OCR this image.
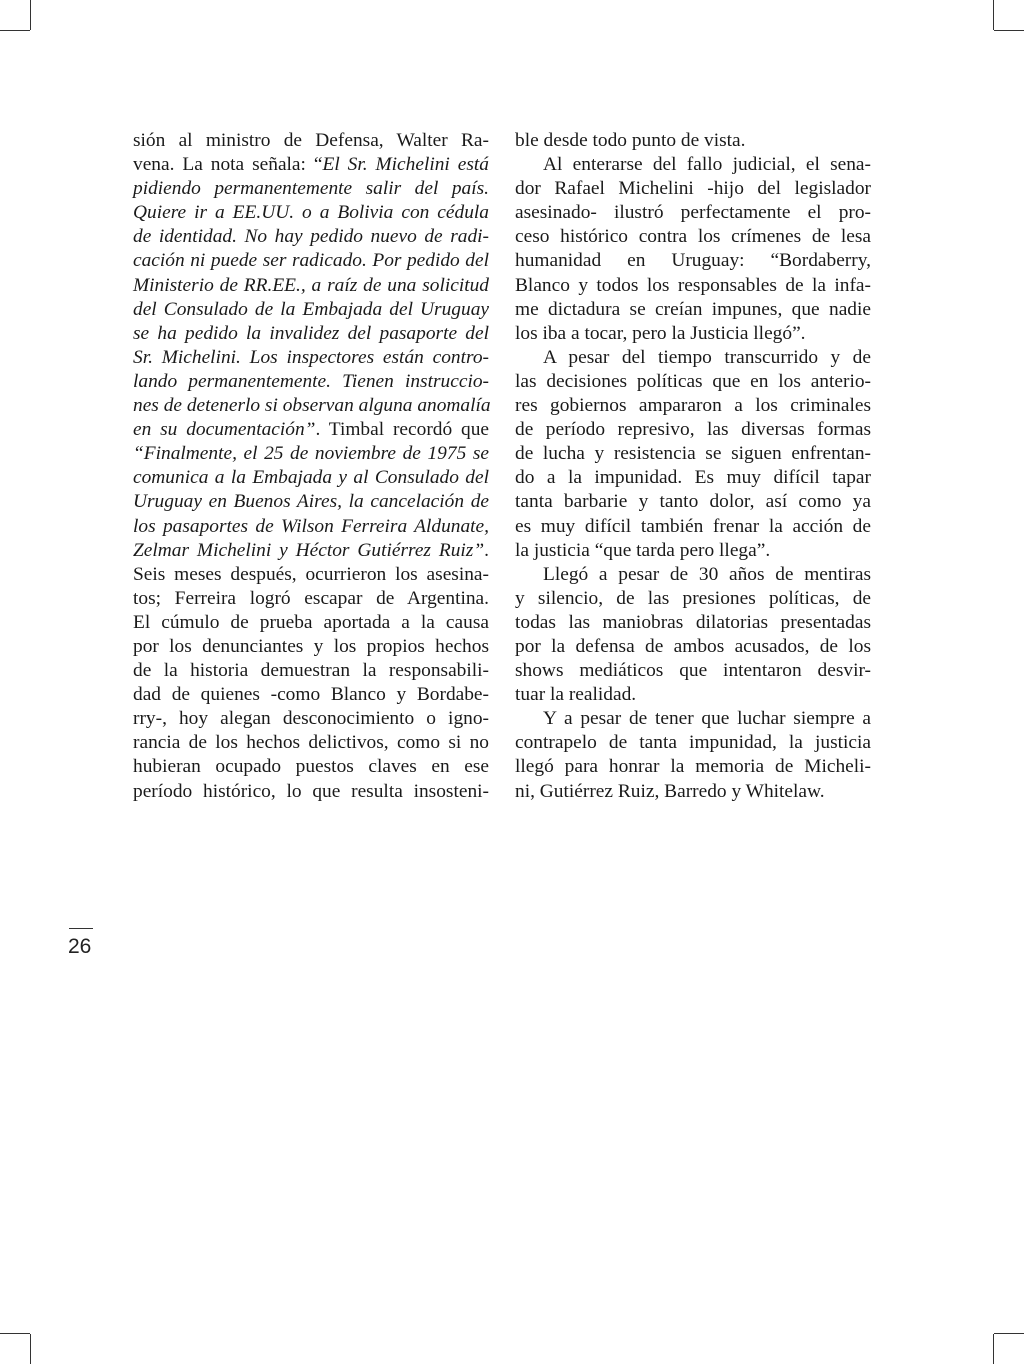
sión al ministro de Defensa, Walter Ra-
vena. La nota señala: “El Sr. Michelini está
pidiendo permanentemente salir del país.
Quiere ir a EE.UU. o a Bolivia con cédula
de identidad. No hay pedido nuevo de radi-
cación ni puede ser radicado. Por pedido del
Ministerio de RR.EE., a raíz de una solicitud
del Consulado de la Embajada del Uruguay
se ha pedido la invalidez del pasaporte del
Sr. Michelini. Los inspectores están contro-
lando permanentemente. Tienen instruccio-
nes de detenerlo si observan alguna anomalía
en su documentación”. Timbal recordó que
“Finalmente, el 25 de noviembre de 1975 se
comunica a la Embajada y al Consulado del
Uruguay en Buenos Aires, la cancelación de
los pasaportes de Wilson Ferreira Aldunate,
Zelmar Michelini y Héctor Gutiérrez Ruiz”.
Seis meses después, ocurrieron los asesina-
tos; Ferreira logró escapar de Argentina.
El cúmulo de prueba aportada a la causa
por los denunciantes y los propios hechos
de la historia demuestran la responsabili-
dad de quienes -como Blanco y Bordabe-
rry-, hoy alegan desconocimiento o igno-
rancia de los hechos delictivos, como si no
hubieran ocupado puestos claves en ese
período histórico, lo que resulta insosteni-
ble desde todo punto de vista.
Al enterarse del fallo judicial, el sena-
dor Rafael Michelini -hijo del legislador
asesinado- ilustró perfectamente el pro-
ceso histórico contra los crímenes de lesa
humanidad en Uruguay: “Bordaberry,
Blanco y todos los responsables de la infa-
me dictadura se creían impunes, que nadie
los iba a tocar, pero la Justicia llegó”.
A pesar del tiempo transcurrido y de
las decisiones políticas que en los anterio-
res gobiernos ampararon a los criminales
de período represivo, las diversas formas
de lucha y resistencia se siguen enfrentan-
do a la impunidad. Es muy difícil tapar
tanta barbarie y tanto dolor, así como ya
es muy difícil también frenar la acción de
la justicia “que tarda pero llega”.
Llegó a pesar de 30 años de mentiras
y silencio, de las presiones políticas, de
todas las maniobras dilatorias presentadas
por la defensa de ambos acusados, de los
shows mediáticos que intentaron desvir-
tuar la realidad.
Y a pesar de tener que luchar siempre a
contrapelo de tanta impunidad, la justicia
llegó para honrar la memoria de Micheli-
ni, Gutiérrez Ruiz, Barredo y Whitelaw.
26
